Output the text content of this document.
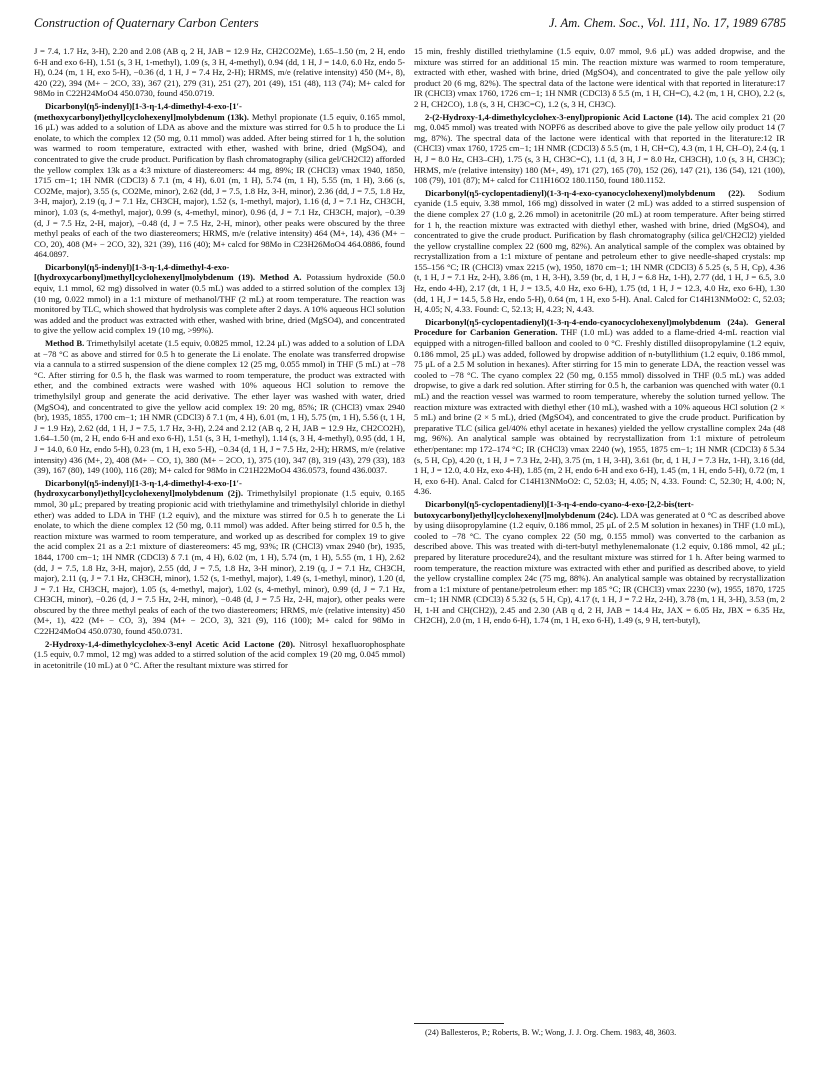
Construction of Quaternary Carbon Centers	J. Am. Chem. Soc., Vol. 111, No. 17, 1989 6785

J = 7.4, 1.7 Hz, 3-H), 2.20 and 2.08 (AB q, 2 H, JAB = 12.9 Hz, CH2CO2Me), 1.65–1.50 (m, 2 H, endo 6-H and exo 6-H), 1.51 (s, 3 H, 1-methyl), 1.09 (s, 3 H, 4-methyl), 0.94 (dd, 1 H, J = 14.0, 6.0 Hz, endo 5-H), 0.24 (m, 1 H, exo 5-H), −0.36 (d, 1 H, J = 7.4 Hz, 2-H); HRMS, m/e (relative intensity) 450 (M+, 8), 420 (22), 394 (M+ − 2CO, 33), 367 (21), 279 (31), 251 (27), 201 (49), 151 (48), 113 (74); M+ calcd for 98Mo in C22H24MoO4 450.0730, found 450.0719.

Dicarbonyl(η5-indenyl)[1-3-η-1,4-dimethyl-4-exo-[1′-(methoxycarbonyl)ethyl]cyclohexenyl]molybdenum (13k). Methyl propionate (1.5 equiv, 0.165 mmol, 16 μL) was added to a solution of LDA as above and the mixture was stirred for 0.5 h to produce the Li enolate, to which the complex 12 (50 mg, 0.11 mmol) was added. After being stirred for 1 h, the solution was warmed to room temperature, extracted with ether, washed with brine, dried (MgSO4), and concentrated to give the crude product. Purification by flash chromatography (silica gel/CH2Cl2) afforded the yellow complex 13k as a 4:3 mixture of diastereomers: 44 mg, 89%; IR (CHCl3) νmax 1940, 1850, 1715 cm−1; 1H NMR (CDCl3) δ 7.1 (m, 4 H), 6.01 (m, 1 H), 5.74 (m, 1 H), 5.55 (m, 1 H), 3.66 (s, CO2Me, major), 3.55 (s, CO2Me, minor), 2.62 (dd, J = 7.5, 1.8 Hz, 3-H, minor), 2.36 (dd, J = 7.5, 1.8 Hz, 3-H, major), 2.19 (q, J = 7.1 Hz, CH3CH, major), 1.52 (s, 1-methyl, major), 1.16 (d, J = 7.1 Hz, CH3CH, minor), 1.03 (s, 4-methyl, major), 0.99 (s, 4-methyl, minor), 0.96 (d, J = 7.1 Hz, CH3CH, major), −0.39 (d, J = 7.5 Hz, 2-H, major), −0.48 (d, J = 7.5 Hz, 2-H, minor), other peaks were obscured by the three methyl peaks of each of the two diastereomers; HRMS, m/e (relative intensity) 464 (M+, 14), 436 (M+ − CO, 20), 408 (M+ − 2CO, 32), 321 (39), 116 (40); M+ calcd for 98Mo in C23H26MoO4 464.0886, found 464.0897.

Dicarbonyl(η5-indenyl)[1-3-η-1,4-dimethyl-4-exo-[(hydroxycarbonyl)methyl]cyclohexenyl]molybdenum (19). Method A. Potassium hydroxide (50.0 equiv, 1.1 mmol, 62 mg) dissolved in water (0.5 mL) was added to a stirred solution of the complex 13j (10 mg, 0.022 mmol) in a 1:1 mixture of methanol/THF (2 mL) at room temperature. The reaction was monitored by TLC, which showed that hydrolysis was complete after 2 days. A 10% aqueous HCl solution was added and the product was extracted with ether, washed with brine, dried (MgSO4), and concentrated to give the yellow acid complex 19 (10 mg, >99%).

Method B. Trimethylsilyl acetate (1.5 equiv, 0.0825 mmol, 12.24 μL) was added to a solution of LDA at −78 °C as above and stirred for 0.5 h to generate the Li enolate. The enolate was transferred dropwise via a cannula to a stirred suspension of the diene complex 12 (25 mg, 0.055 mmol) in THF (5 mL) at −78 °C. After stirring for 0.5 h, the flask was warmed to room temperature, the product was extracted with ether, and the combined extracts were washed with 10% aqueous HCl solution to remove the trimethylsilyl group and generate the acid derivative. The ether layer was washed with water, dried (MgSO4), and concentrated to give the yellow acid complex 19: 20 mg, 85%; IR (CHCl3) νmax 2940 (br), 1935, 1855, 1700 cm−1; 1H NMR (CDCl3) δ 7.1 (m, 4 H), 6.01 (m, 1 H), 5.75 (m, 1 H), 5.56 (t, 1 H, J = 1.9 Hz), 2.62 (dd, 1 H, J = 7.5, 1.7 Hz, 3-H), 2.24 and 2.12 (AB q, 2 H, JAB = 12.9 Hz, CH2CO2H), 1.64–1.50 (m, 2 H, endo 6-H and exo 6-H), 1.51 (s, 3 H, 1-methyl), 1.14 (s, 3 H, 4-methyl), 0.95 (dd, 1 H, J = 14.0, 6.0 Hz, endo 5-H), 0.23 (m, 1 H, exo 5-H), −0.34 (d, 1 H, J = 7.5 Hz, 2-H); HRMS, m/e (relative intensity) 436 (M+, 2), 408 (M+ − CO, 1), 380 (M+ − 2CO, 1), 375 (10), 347 (8), 319 (43), 279 (33), 183 (39), 167 (80), 149 (100), 116 (28); M+ calcd for 98Mo in C21H22MoO4 436.0573, found 436.0037.

Dicarbonyl(η5-indenyl)[1-3-η-1,4-dimethyl-4-exo-[1′-(hydroxycarbonyl)ethyl]cyclohexenyl]molybdenum (2j). Trimethylsilyl propionate (1.5 equiv, 0.165 mmol, 30 μL; prepared by treating propionic acid with triethylamine and trimethylsilyl chloride in diethyl ether) was added to LDA in THF (1.2 equiv), and the mixture was stirred for 0.5 h to generate the Li enolate, to which the diene complex 12 (50 mg, 0.11 mmol) was added. After being stirred for 0.5 h, the reaction mixture was warmed to room temperature, and worked up as described for complex 19 to give the acid complex 21 as a 2:1 mixture of diastereomers: 45 mg, 93%; IR (CHCl3) νmax 2940 (br), 1935, 1844, 1700 cm−1; 1H NMR (CDCl3) δ 7.1 (m, 4 H), 6.02 (m, 1 H), 5.74 (m, 1 H), 5.55 (m, 1 H), 2.62 (dd, J = 7.5, 1.8 Hz, 3-H, major), 2.55 (dd, J = 7.5, 1.8 Hz, 3-H minor), 2.19 (q, J = 7.1 Hz, CH3CH, major), 2.11 (q, J = 7.1 Hz, CH3CH, minor), 1.52 (s, 1-methyl, major), 1.49 (s, 1-methyl, minor), 1.20 (d, J = 7.1 Hz, CH3CH, major), 1.05 (s, 4-methyl, major), 1.02 (s, 4-methyl, minor), 0.99 (d, J = 7.1 Hz, CH3CH, minor), −0.26 (d, J = 7.5 Hz, 2-H, minor), −0.48 (d, J = 7.5 Hz, 2-H, major), other peaks were obscured by the three methyl peaks of each of the two diastereomers; HRMS, m/e (relative intensity) 450 (M+, 1), 422 (M+ − CO, 3), 394 (M+ − 2CO, 3), 321 (9), 116 (100); M+ calcd for 98Mo in C22H24MoO4 450.0730, found 450.0731.

2-Hydroxy-1,4-dimethylcyclohex-3-enyl Acetic Acid Lactone (20). Nitrosyl hexafluorophosphate (1.5 equiv, 0.7 mmol, 12 mg) was added to a stirred solution of the acid complex 19 (20 mg, 0.045 mmol) in acetonitrile (10 mL) at 0 °C. After the resultant mixture was stirred for

15 min, freshly distilled triethylamine (1.5 equiv, 0.07 mmol, 9.6 μL) was added dropwise, and the mixture was stirred for an additional 15 min. The reaction mixture was warmed to room temperature, extracted with ether, washed with brine, dried (MgSO4), and concentrated to give the pale yellow oily product 20 (6 mg, 82%). The spectral data of the lactone were identical with that reported in literature:17 IR (CHCl3) νmax 1760, 1726 cm−1; 1H NMR (CDCl3) δ 5.5 (m, 1 H, CH=C), 4.2 (m, 1 H, CHO), 2.2 (s, 2 H, CH2CO), 1.8 (s, 3 H, CH3C=C), 1.2 (s, 3 H, CH3C).

2-(2-Hydroxy-1,4-dimethylcyclohex-3-enyl)propionic Acid Lactone (14). The acid complex 21 (20 mg, 0.045 mmol) was treated with NOPF6 as described above to give the pale yellow oily product 14 (7 mg, 87%). The spectral data of the lactone were identical with that reported in the literature:12 IR (CHCl3) νmax 1760, 1725 cm−1; 1H NMR (CDCl3) δ 5.5 (m, 1 H, CH=C), 4.3 (m, 1 H, CH–O), 2.4 (q, 1 H, J = 8.0 Hz, CH3–CH), 1.75 (s, 3 H, CH3C=C), 1.1 (d, 3 H, J = 8.0 Hz, CH3CH), 1.0 (s, 3 H, CH3C); HRMS, m/e (relative intensity) 180 (M+, 49), 171 (27), 165 (70), 152 (26), 147 (21), 136 (54), 121 (100), 108 (79), 101 (87); M+ calcd for C11H16O2 180.1150, found 180.1152.

Dicarbonyl(η5-cyclopentadienyl)(1-3-η-4-exo-cyanocyclohexenyl)molybdenum (22). Sodium cyanide (1.5 equiv, 3.38 mmol, 166 mg) dissolved in water (2 mL) was added to a stirred suspension of the diene complex 27 (1.0 g, 2.26 mmol) in acetonitrile (20 mL) at room temperature. After being stirred for 1 h, the reaction mixture was extracted with diethyl ether, washed with brine, dried (MgSO4), and concentrated to give the crude product. Purification by flash chromatography (silica gel/CH2Cl2) yielded the yellow crystalline complex 22 (600 mg, 82%). An analytical sample of the complex was obtained by recrystallization from a 1:1 mixture of pentane and petroleum ether to give needle-shaped crystals: mp 155–156 °C; IR (CHCl3) νmax 2215 (w), 1950, 1870 cm−1; 1H NMR (CDCl3) δ 5.25 (s, 5 H, Cp), 4.36 (t, 1 H, J = 7.1 Hz, 2-H), 3.86 (m, 1 H, 3-H), 3.59 (br, d, 1 H, J = 6.8 Hz, 1-H), 2.77 (dd, 1 H, J = 6.5, 3.0 Hz, endo 4-H), 2.17 (dt, 1 H, J = 13.5, 4.0 Hz, exo 6-H), 1.75 (td, 1 H, J = 12.3, 4.0 Hz, exo 6-H), 1.30 (dd, 1 H, J = 14.5, 5.8 Hz, endo 5-H), 0.64 (m, 1 H, exo 5-H). Anal. Calcd for C14H13NMoO2: C, 52.03; H, 4.05; N, 4.33. Found: C, 52.13; H, 4.23; N, 4.43.

Dicarbonyl(η5-cyclopentadienyl)(1-3-η-4-endo-cyanocyclohexenyl)molybdenum (24a). General Procedure for Carbanion Generation. THF (1.0 mL) was added to a flame-dried 4-mL reaction vial equipped with a nitrogen-filled balloon and cooled to 0 °C. Freshly distilled diisopropylamine (1.2 equiv, 0.186 mmol, 25 μL) was added, followed by dropwise addition of n-butyllithium (1.2 equiv, 0.186 mmol, 75 μL of a 2.5 M solution in hexanes). After stirring for 15 min to generate LDA, the reaction vessel was cooled to −78 °C. The cyano complex 22 (50 mg, 0.155 mmol) dissolved in THF (0.5 mL) was added dropwise, to give a dark red solution. After stirring for 0.5 h, the carbanion was quenched with water (0.1 mL) and the reaction vessel was warmed to room temperature, whereby the solution turned yellow. The reaction mixture was extracted with diethyl ether (10 mL), washed with a 10% aqueous HCl solution (2 × 5 mL) and brine (2 × 5 mL), dried (MgSO4), and concentrated to give the crude product. Purification by preparative TLC (silica gel/40% ethyl acetate in hexanes) yielded the yellow crystalline complex 24a (48 mg, 96%). An analytical sample was obtained by recrystallization from 1:1 mixture of petroleum ether/pentane: mp 172–174 °C; IR (CHCl3) νmax 2240 (w), 1955, 1875 cm−1; 1H NMR (CDCl3) δ 5.34 (s, 5 H, Cp), 4.20 (t, 1 H, J = 7.3 Hz, 2-H), 3.75 (m, 1 H, 3-H), 3.61 (br, d, 1 H, J = 7.3 Hz, 1-H), 3.16 (dd, 1 H, J = 12.0, 4.0 Hz, exo 4-H), 1.85 (m, 2 H, endo 6-H and exo 6-H), 1.45 (m, 1 H, endo 5-H), 0.72 (m, 1 H, exo 6-H). Anal. Calcd for C14H13NMoO2: C, 52.03; H, 4.05; N, 4.33. Found: C, 52.30; H, 4.00; N, 4.36.

Dicarbonyl(η5-cyclopentadienyl)[1-3-η-4-endo-cyano-4-exo-[2,2-bis(tert-butoxycarbonyl)ethyl]cyclohexenyl]molybdenum (24c). LDA was generated at 0 °C as described above by using diisopropylamine (1.2 equiv, 0.186 mmol, 25 μL of 2.5 M solution in hexanes) in THF (1.0 mL), cooled to −78 °C. The cyano complex 22 (50 mg, 0.155 mmol) was converted to the carbanion as described above. This was treated with di-tert-butyl methylenemalonate (1.2 equiv, 0.186 mmol, 42 μL; prepared by literature procedure24), and the resultant mixture was stirred for 1 h. After being warmed to room temperature, the reaction mixture was extracted with ether and purified as described above, to yield the yellow crystalline complex 24c (75 mg, 88%). An analytical sample was obtained by recrystallization from a 1:1 mixture of pentane/petroleum ether: mp 185 °C; IR (CHCl3) νmax 2230 (w), 1955, 1870, 1725 cm−1; 1H NMR (CDCl3) δ 5.32 (s, 5 H, Cp), 4.17 (t, 1 H, J = 7.2 Hz, 2-H), 3.78 (m, 1 H, 3-H), 3.53 (m, 2 H, 1-H and CH(CH2)), 2.45 and 2.30 (AB q d, 2 H, JAB = 14.4 Hz, JAX = 6.05 Hz, JBX = 6.35 Hz, CH2CH), 2.0 (m, 1 H, endo 6-H), 1.74 (m, 1 H, exo 6-H), 1.49 (s, 9 H, tert-butyl),

(24) Ballesteros, P.; Roberts, B. W.; Wong, J. J. Org. Chem. 1983, 48, 3603.
